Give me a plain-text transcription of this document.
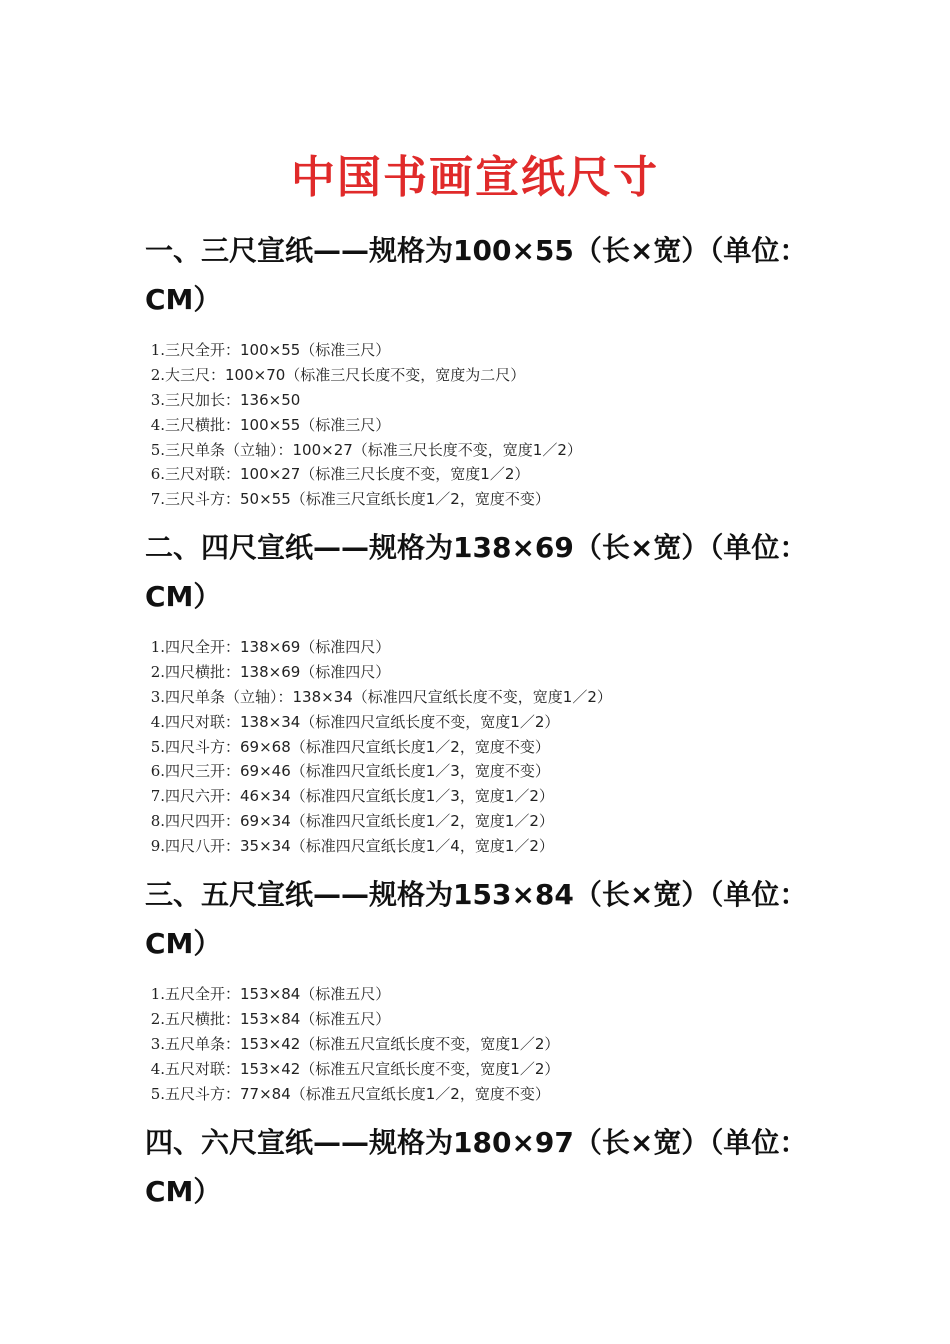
中国书画宣纸尺寸
一、三尺宣纸——规格为100×55（长×宽）（单位：CM）
1.三尺全开：100×55（标准三尺）
2.大三尺：100×70（标准三尺长度不变，宽度为二尺）
3.三尺加长：136×50
4.三尺横批：100×55（标准三尺）
5.三尺单条（立轴）：100×27（标准三尺长度不变，宽度1／2）
6.三尺对联：100×27（标准三尺长度不变，宽度1／2）
7.三尺斗方：50×55（标准三尺宣纸长度1／2，宽度不变）
二、四尺宣纸——规格为138×69（长×宽）（单位：CM）
1.四尺全开：138×69（标准四尺）
2.四尺横批：138×69（标准四尺）
3.四尺单条（立轴）：138×34（标准四尺宣纸长度不变，宽度1／2）
4.四尺对联：138×34（标准四尺宣纸长度不变，宽度1／2）
5.四尺斗方：69×68（标准四尺宣纸长度1／2，宽度不变）
6.四尺三开：69×46（标准四尺宣纸长度1／3，宽度不变）
7.四尺六开：46×34（标准四尺宣纸长度1／3，宽度1／2）
8.四尺四开：69×34（标准四尺宣纸长度1／2，宽度1／2）
9.四尺八开：35×34（标准四尺宣纸长度1／4，宽度1／2）
三、五尺宣纸——规格为153×84（长×宽）（单位：CM）
1.五尺全开：153×84（标准五尺）
2.五尺横批：153×84（标准五尺）
3.五尺单条：153×42（标准五尺宣纸长度不变，宽度1／2）
4.五尺对联：153×42（标准五尺宣纸长度不变，宽度1／2）
5.五尺斗方：77×84（标准五尺宣纸长度1／2，宽度不变）
四、六尺宣纸——规格为180×97（长×宽）（单位：CM）
